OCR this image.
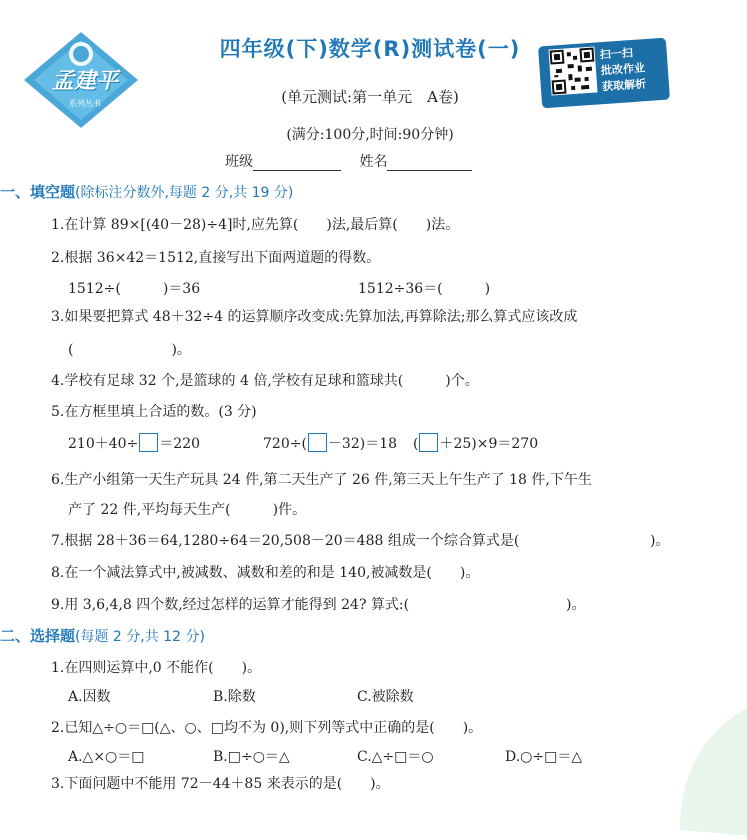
孟建平
系列丛书
四年级(下)数学(R)测试卷(一)
(单元测试:第一单元　A卷)
(满分:100分,时间:90分钟)
班级	姓名
扫一扫
批改作业
获取解析
一、填空题(除标注分数外,每题 2 分,共 19 分)
1.在计算 89×[(40－28)÷4]时,应先算(　　)法,最后算(　　)法。
2.根据 36×42＝1512,直接写出下面两道题的得数。
1512÷(　　　)＝36	1512÷36＝(　　　)
3.如果要把算式 48＋32÷4 的运算顺序改变成:先算加法,再算除法;那么算式应该改成
(　　　　　　　)。
4.学校有足球 32 个,是篮球的 4 倍,学校有足球和篮球共(　　　)个。
5.在方框里填上合适的数。(3 分)
210＋40÷ ＝220	720÷( －32)＝18 ( ＋25)×9＝270
6.生产小组第一天生产玩具 24 件,第二天生产了 26 件,第三天上午生产了 18 件,下午生
产了 22 件,平均每天生产(　　　)件。
7.根据 28＋36＝64,1280÷64＝20,508－20＝488 组成一个综合算式是(	)。
8.在一个减法算式中,被减数、减数和差的和是 140,被减数是(　　)。
9.用 3,6,4,8 四个数,经过怎样的运算才能得到 24? 算式:(	)。
二、选择题(每题 2 分,共 12 分)
1.在四则运算中,0 不能作(　　)。
A.因数	B.除数	C.被除数
2.已知△÷○＝□(△、○、□均不为 0),则下列等式中正确的是(　　)。
A.△×○＝□	B.□÷○＝△	C.△÷□＝○	D.○÷□＝△
3.下面问题中不能用 72－44＋85 来表示的是(　　)。
